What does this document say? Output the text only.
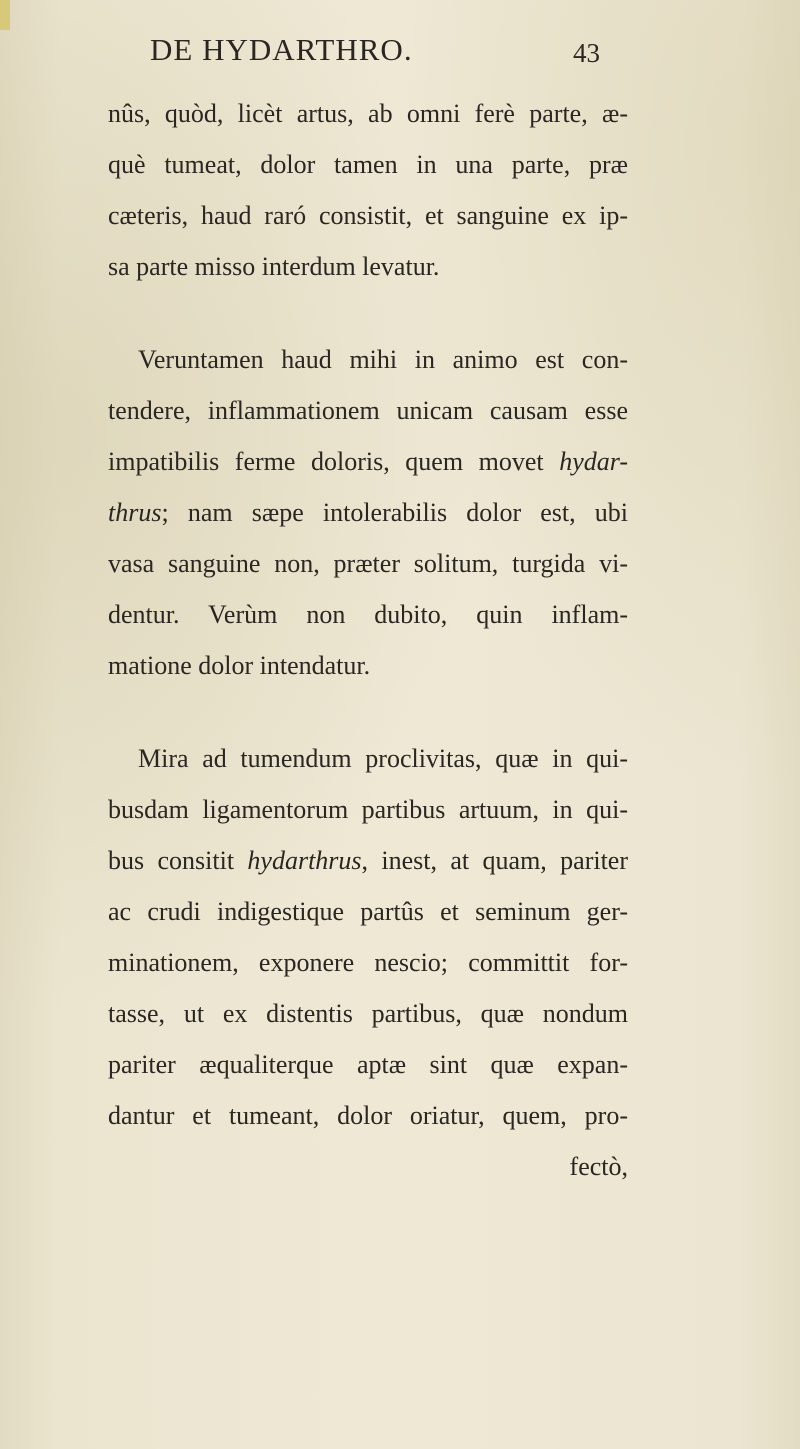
DE HYDARTHRO.	43
nûs, quòd, licèt artus, ab omni ferè parte, æ-
què tumeat, dolor tamen in una parte, præ
cæteris, haud raró consistit, et sanguine ex ip-
sa parte misso interdum levatur.
Veruntamen haud mihi in animo est con-
tendere, inflammationem unicam causam esse
impatibilis ferme doloris, quem movet hydar-
thrus; nam sæpe intolerabilis dolor est, ubi
vasa sanguine non, præter solitum, turgida vi-
dentur. Verùm non dubito, quin inflam-
matione dolor intendatur.
Mira ad tumendum proclivitas, quæ in qui-
busdam ligamentorum partibus artuum, in qui-
bus consitit hydarthrus, inest, at quam, pariter
ac crudi indigestique partûs et seminum ger-
minationem, exponere nescio; committit for-
tasse, ut ex distentis partibus, quæ nondum
pariter æqualiterque aptæ sint quæ expan-
dantur et tumeant, dolor oriatur, quem, pro-
fectò,
